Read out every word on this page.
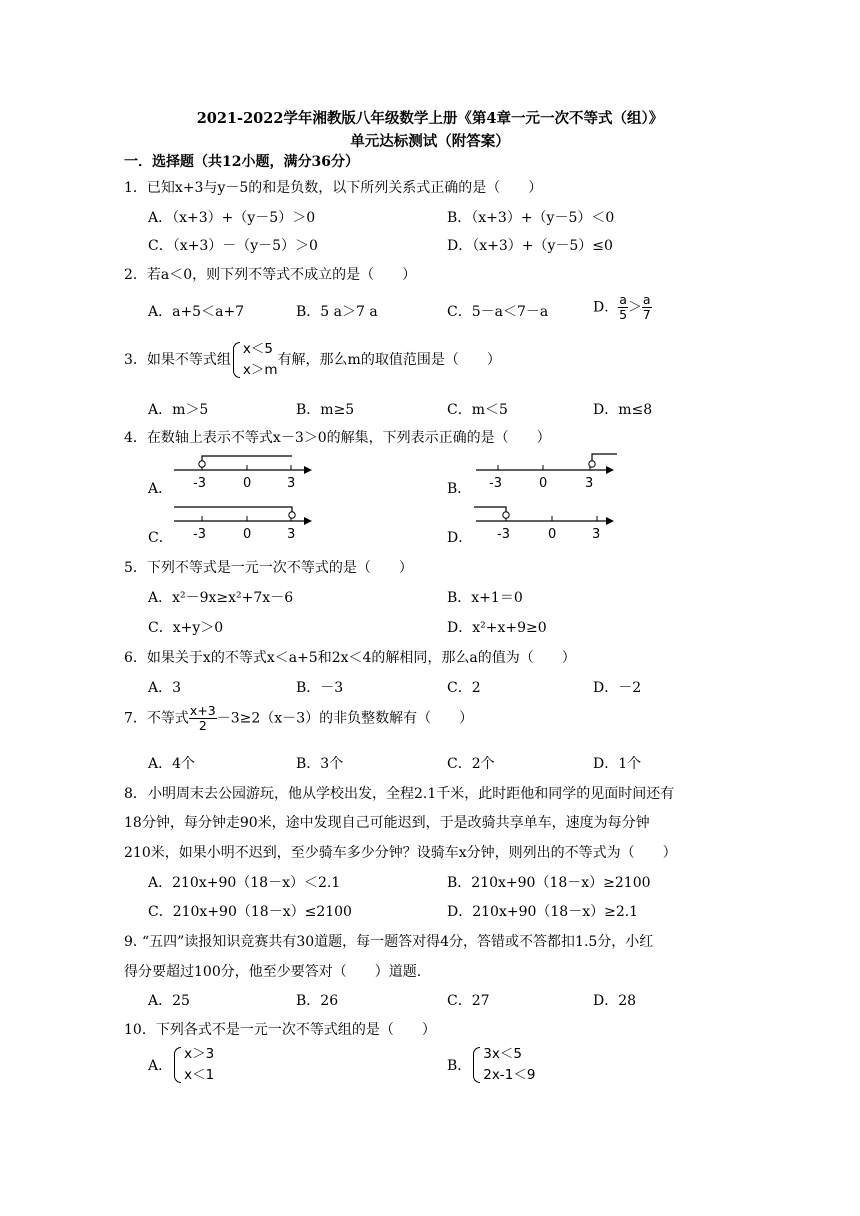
2021-2022学年湘教版八年级数学上册《第4章一元一次不等式（组）》
单元达标测试（附答案）
一．选择题（共12小题，满分36分）
1．已知x+3与y－5的和是负数，以下所列关系式正确的是（　　）
A．（x+3）+（y－5）＞0	B．（x+3）+（y－5）＜0
C．（x+3）－（y－5）＞0	D．（x+3）+（y－5）≤0
2．若a＜0，则下列不等式不成立的是（　　）
A．a+5＜a+7	B．5 a＞7 a	C．5－a＜7－a	D． $\frac{a}{5} > \frac{a}{7}$
3．如果不等式组
x＜5
x＞m
有解，那么m的取值范围是（　　）
A．m＞5	B．m≥5	C．m＜5	D．m≤8
4．在数轴上表示不等式x－3＞0的解集，下列表示正确的是（　　）
A．	B．
C．	D．
-3	0	3	-3	0	3
-3	0	3	-3	0	3
5．下列不等式是一元一次不等式的是（　　）
A．x²－9x≥x²+7x－6	B．x+1＝0
C．x+y＞0	D．x²+x+9≥0
6．如果关于x的不等式x＜a+5和2x＜4的解相同，那么a的值为（　　）
A．3	B．－3	C．2	D．－2
7．不等式 $\frac{x+3}{2} -3\ge 2(x-3)$的非负整数解有（　　）
A．4个	B．3个	C．2个	D．1个
8． 小明周末去公园游玩，他从学校出发，全程2.1千米，此时距他和同学的见面时间还有
18分钟，每分钟走90米，途中发现自己可能迟到，于是改骑共享单车，速度为每分钟
210米，如果小明不迟到，至少骑车多少分钟？设骑车x分钟，则列出的不等式为（　　）
A．210x+90（18－x）＜2.1	B．210x+90（18－x）≥2100
C．210x+90（18－x）≤2100	D．210x+90（18－x）≥2.1
9．
“五四”读报知识竞赛共有30道题，每一题答对得4分，答错或不答都扣1.5分，小红
得分要超过100分，他至少要答对（　　）道题.
A．25	B．26	C．27	D．28
10．下列各式不是一元一次不等式组的是（　　）
A．
x＞3
x＜1
B．
3x＜5
2x-1＜9
